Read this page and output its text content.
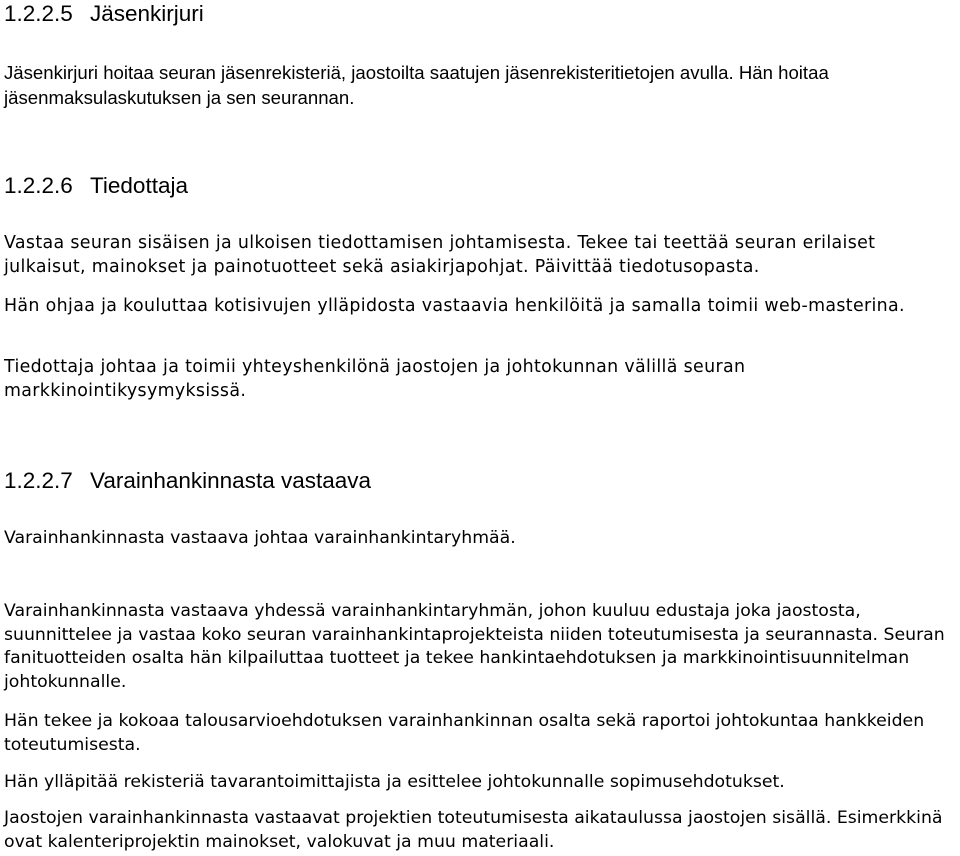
1.2.2.5 Jäsenkirjuri

Jäsenkirjuri hoitaa seuran jäsenrekisteriä, jaostoilta saatujen jäsenrekisteritietojen avulla. Hän hoitaa jäsenmaksulaskutuksen ja sen seurannan.

1.2.2.6 Tiedottaja

Vastaa seuran sisäisen ja ulkoisen tiedottamisen johtamisesta. Tekee tai teettää seuran erilaiset julkaisut, mainokset ja painotuotteet sekä asiakirjapohjat. Päivittää tiedotusopasta.

Hän ohjaa ja kouluttaa kotisivujen ylläpidosta vastaavia henkilöitä ja samalla toimii web-masterina.

Tiedottaja johtaa ja toimii yhteyshenkilönä jaostojen ja johtokunnan välillä seuran markkinointikysymyksissä.

1.2.2.7 Varainhankinnasta vastaava

Varainhankinnasta vastaava johtaa varainhankintaryhmää.

Varainhankinnasta vastaava yhdessä varainhankintaryhmän, johon kuuluu edustaja joka jaostosta, suunnittelee ja vastaa koko seuran varainhankintaprojekteista niiden toteutumisesta ja seurannasta. Seuran fanituotteiden osalta hän kilpailuttaa tuotteet ja tekee hankintaehdotuksen ja markkinointisuunnitelman johtokunnalle.

Hän tekee ja kokoaa talousarvioehdotuksen varainhankinnan osalta sekä raportoi johtokuntaa hankkeiden toteutumisesta.

Hän ylläpitää rekisteriä tavarantoimittajista ja esittelee johtokunnalle sopimusehdotukset.

Jaostojen varainhankinnasta vastaavat projektien toteutumisesta aikataulussa jaostojen sisällä. Esimerkkinä ovat kalenteriprojektin mainokset, valokuvat ja muu materiaali.
